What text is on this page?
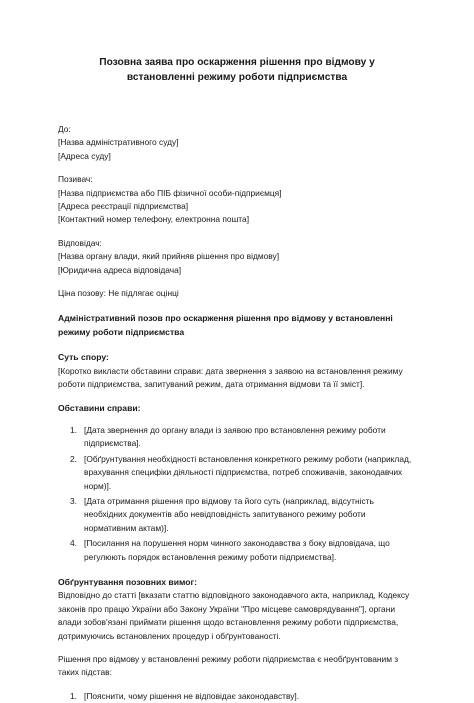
Позовна заява про оскарження рішення про відмову у встановленні режиму роботи підприємства

До:

[Назва адміністративного суду]

[Адреса суду]

Позивач:

[Назва підприємства або ПІБ фізичної особи-підприємця]

[Адреса реєстрації підприємства]

[Контактний номер телефону, електронна пошта]

Відповідач:

[Назва органу влади, який прийняв рішення про відмову]

[Юридична адреса відповідача]

Ціна позову: Не підлягає оцінці

Адміністративний позов про оскарження рішення про відмову у встановленні режиму роботи підприємства

Суть спору:

[Коротко викласти обставини справи: дата звернення з заявою на встановлення режиму роботи підприємства, запитуваний режим, дата отримання відмови та її зміст].

Обставини справи:

1. [Дата звернення до органу влади із заявою про встановлення режиму роботи підприємства].
2. [Обґрунтування необхідності встановлення конкретного режиму роботи (наприклад, врахування специфіки діяльності підприємства, потреб споживачів, законодавчих норм)].
3. [Дата отримання рішення про відмову та його суть (наприклад, відсутність необхідних документів або невідповідність запитуваного режиму роботи нормативним актам)].
4. [Посилання на порушення норм чинного законодавства з боку відповідача, що регулюють порядок встановлення режиму роботи підприємства].

Обґрунтування позовних вимог:

Відповідно до статті [вказати статтю відповідного законодавчого акта, наприклад, Кодексу законів про працю України або Закону України "Про місцеве самоврядування"], органи влади зобов'язані приймати рішення щодо встановлення режиму роботи підприємства, дотримуючись встановлених процедур і обґрунтованості.

Рішення про відмову у встановленні режиму роботи підприємства є необґрунтованим з таких підстав:

1. [Пояснити, чому рішення не відповідає законодавству].
